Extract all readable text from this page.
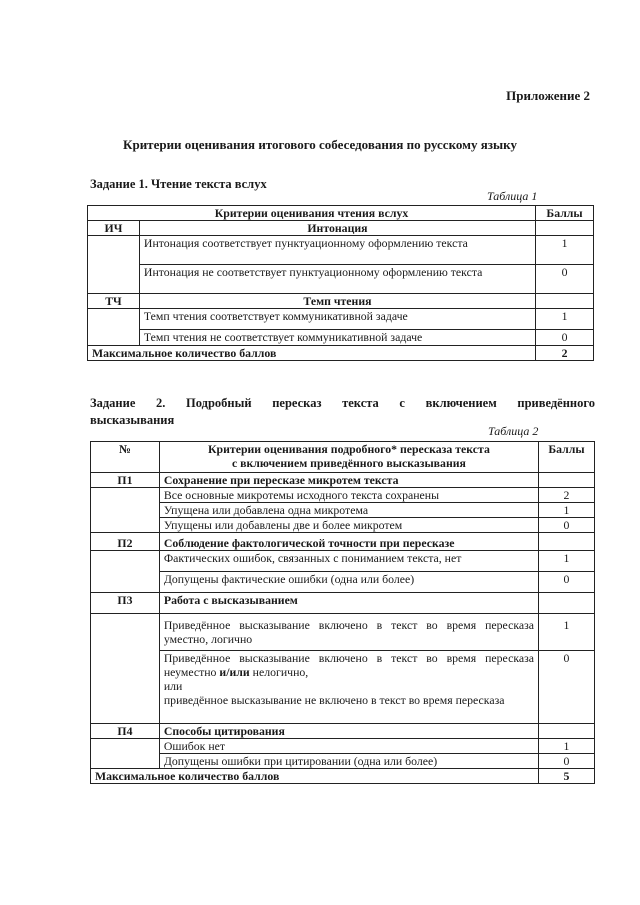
Приложение 2
Критерии оценивания итогового собеседования по русскому языку
Задание 1. Чтение текста вслух
Таблица 1
Критерии оценивания чтения вслух		Баллы
ИЧ	Интонация	
	Интонация соответствует пунктуационному оформлению текста	1
	Интонация не соответствует пунктуационному оформлению текста	0
ТЧ	Темп чтения	
	Темп чтения соответствует коммуникативной задаче	1
	Темп чтения не соответствует коммуникативной задаче	0
Максимальное количество баллов		2
Задание 2. Подробный пересказ текста с включением приведённого
высказывания
Таблица 2
№	Критерии оценивания подробного* пересказа текста
с включением приведённого высказывания	Баллы
П1	Сохранение при пересказе микротем текста	
	Все основные микротемы исходного текста сохранены	2
	Упущена или добавлена одна микротема	1
	Упущены или добавлены две и более микротем	0
П2	Соблюдение фактологической точности при пересказе	
	Фактических ошибок, связанных с пониманием текста, нет	1
	Допущены фактические ошибки (одна или более)	0
П3	Работа с высказыванием	
	Приведённое высказывание включено в текст во время пересказа уместно, логично	1
	Приведённое высказывание включено в текст во время пересказа неуместно и/или нелогично,
или
приведённое высказывание не включено в текст во время пересказа	0
П4	Способы цитирования	
	Ошибок нет	1
	Допущены ошибки при цитировании (одна или более)	0
Максимальное количество баллов		5
